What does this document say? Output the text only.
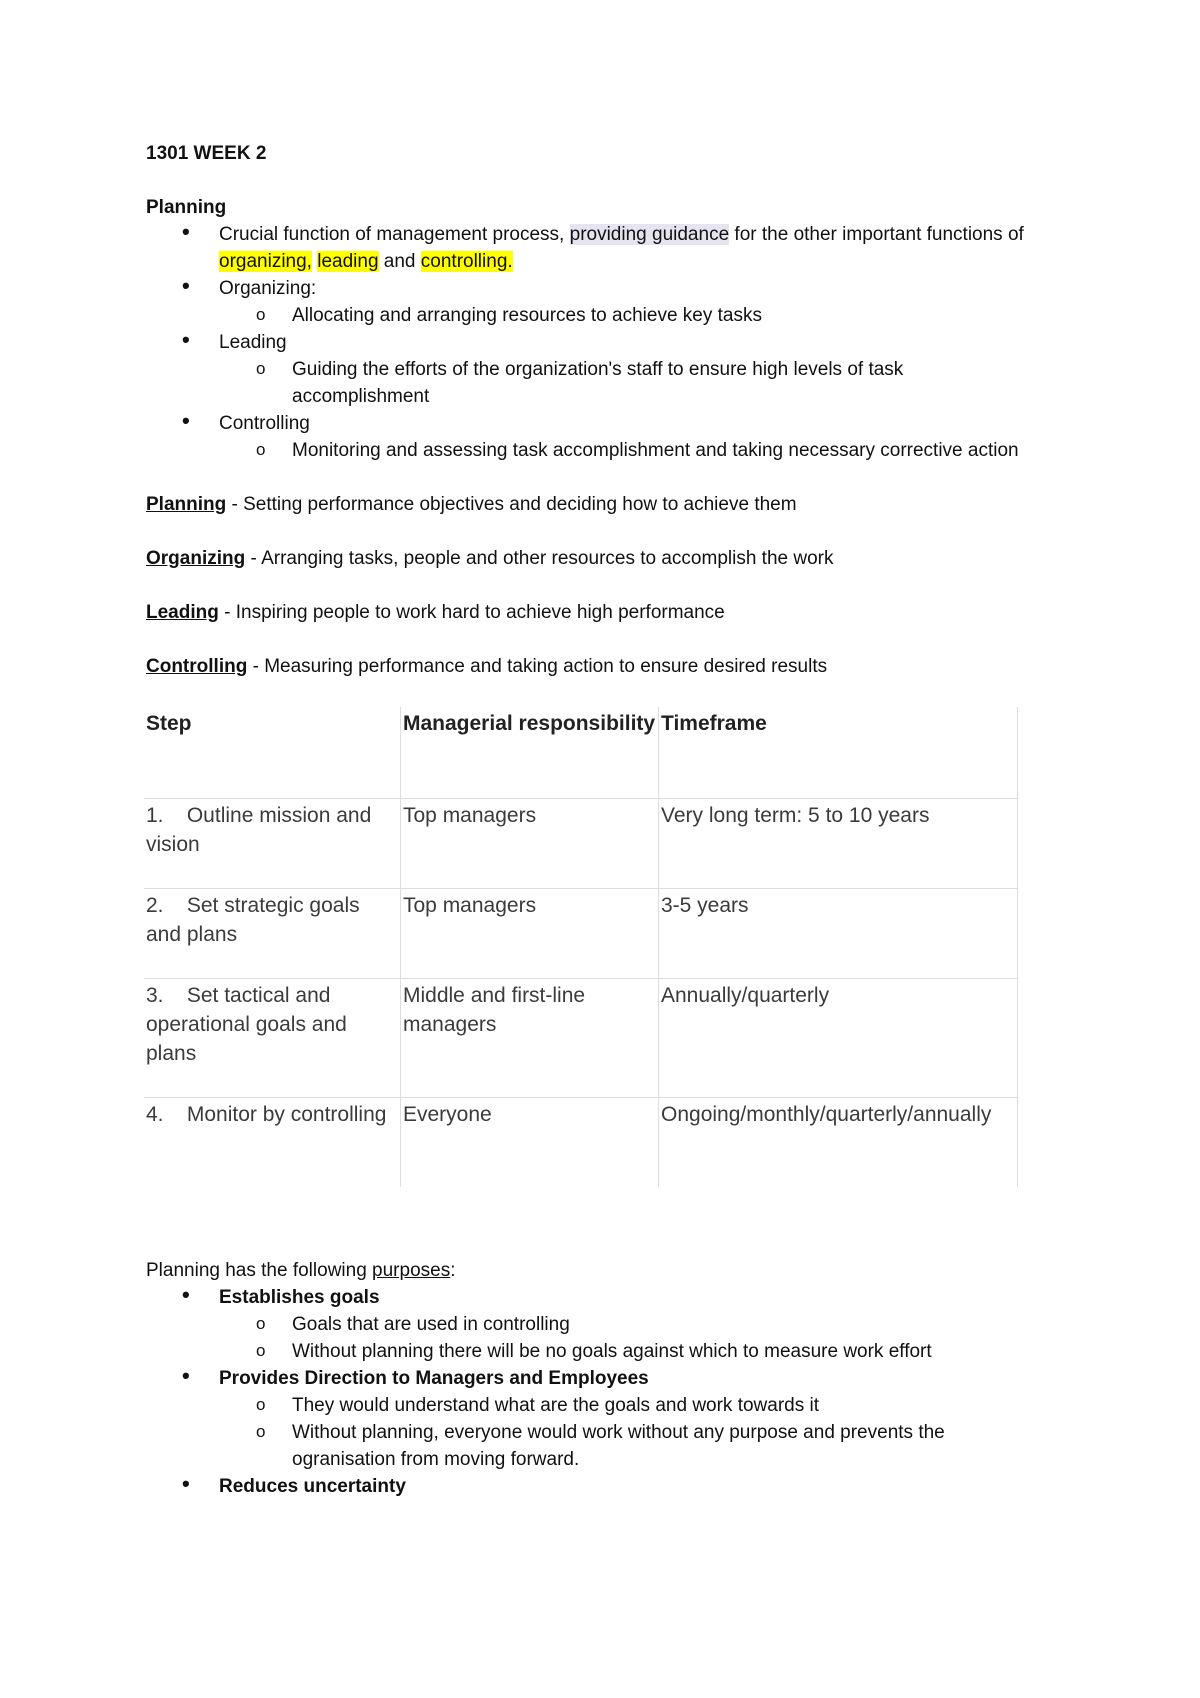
1301 WEEK 2

Planning

• Crucial function of management process, providing guidance for the other important functions of organizing, leading and controlling.
• Organizing:
o Allocating and arranging resources to achieve key tasks
• Leading
o Guiding the efforts of the organization's staff to ensure high levels of task accomplishment
• Controlling
o Monitoring and assessing task accomplishment and taking necessary corrective action

Planning - Setting performance objectives and deciding how to achieve them

Organizing - Arranging tasks, people and other resources to accomplish the work

Leading - Inspiring people to work hard to achieve high performance

Controlling - Measuring performance and taking action to ensure desired results

Step	Managerial responsibility	Timeframe
1.    Outline mission and vision	Top managers	Very long term: 5 to 10 years
2.    Set strategic goals and plans	Top managers	3-5 years
3.    Set tactical and operational goals and plans	Middle and first-line managers	Annually/quarterly
4.    Monitor by controlling	Everyone	Ongoing/monthly/quarterly/annually

Planning has the following purposes:

• Establishes goals
o Goals that are used in controlling
o Without planning there will be no goals against which to measure work effort
• Provides Direction to Managers and Employees
o They would understand what are the goals and work towards it
o Without planning, everyone would work without any purpose and prevents the ogranisation from moving forward.
• Reduces uncertainty
